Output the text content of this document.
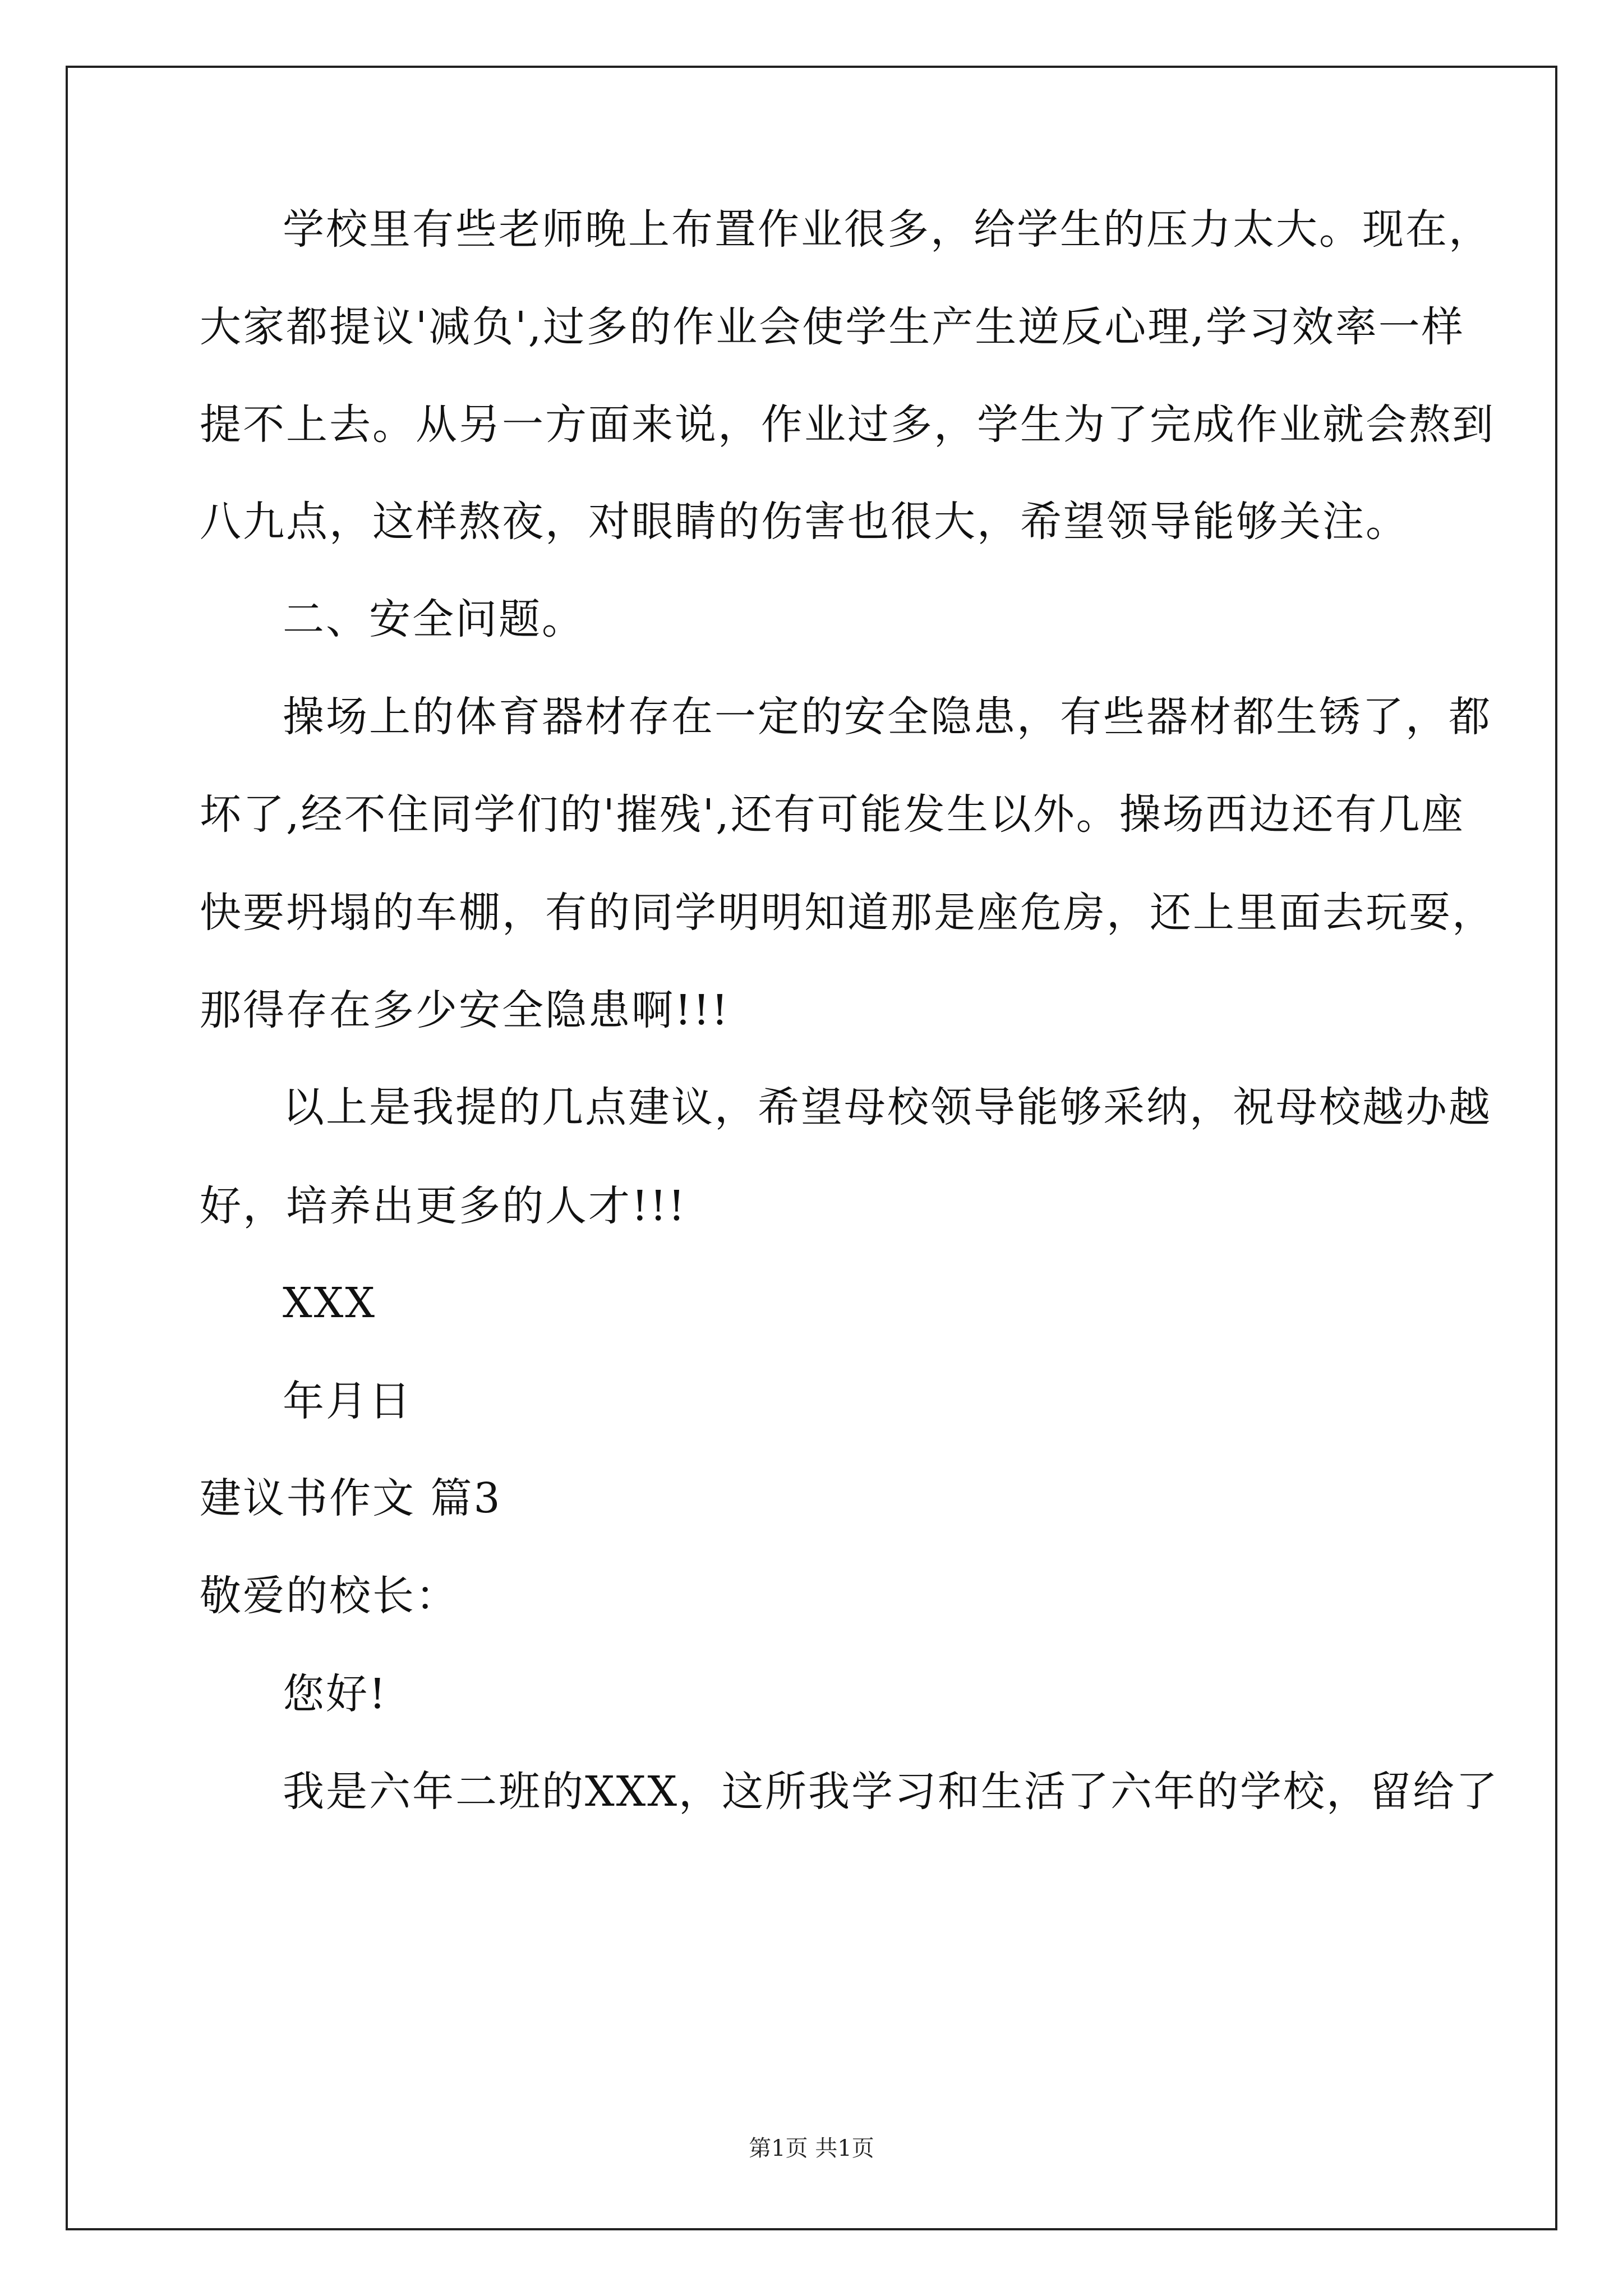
学校里有些老师晚上布置作业很多，给学生的压力太大。现在，
大家都提议'减负',过多的作业会使学生产生逆反心理,学习效率一样
提不上去。从另一方面来说，作业过多，学生为了完成作业就会熬到
八九点，这样熬夜，对眼睛的伤害也很大，希望领导能够关注。
二、安全问题。
操场上的体育器材存在一定的安全隐患，有些器材都生锈了，都
坏了,经不住同学们的'摧残',还有可能发生以外。操场西边还有几座
快要坍塌的车棚，有的同学明明知道那是座危房，还上里面去玩耍，
那得存在多少安全隐患啊!!!
以上是我提的几点建议，希望母校领导能够采纳，祝母校越办越
好，培养出更多的人才!!!
XXX
年月日
建议书作文 篇3
敬爱的校长：
您好!
我是六年二班的XXX，这所我学习和生活了六年的学校，留给了
第1页 共1页
